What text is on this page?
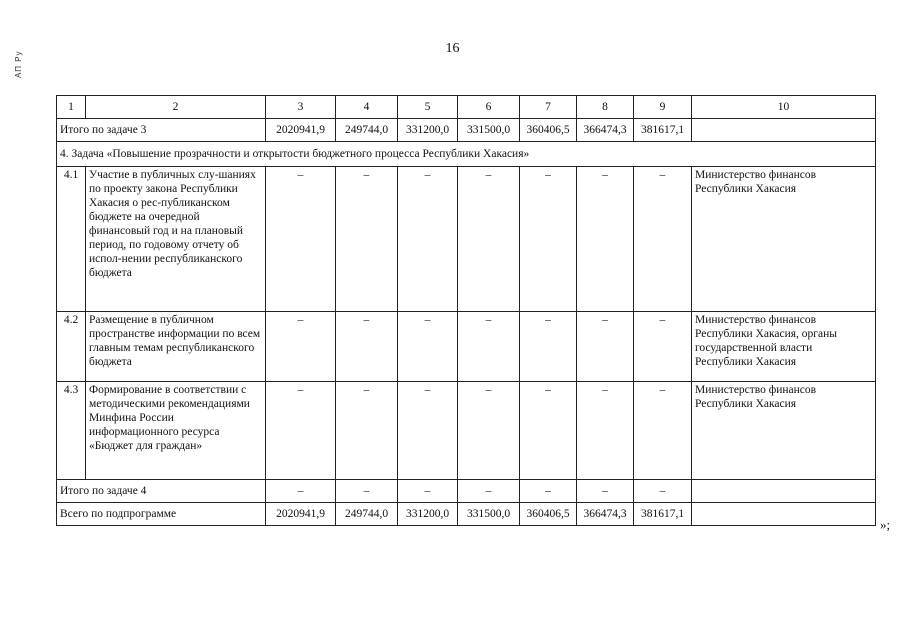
АП Ру
16
1	2	3	4	5	6	7	8	9	10
Итого по задаче 3		2020941,9	249744,0	331200,0	331500,0	360406,5	366474,3	381617,1	
4. Задача «Повышение прозрачности и открытости бюджетного процесса Республики Хакасия»									
4.1	Участие в публичных слу-шаниях по проекту закона Республики Хакасия о рес-публиканском бюджете на очередной финансовый год и на плановый период, по годовому отчету об испол-нении республиканского бюджета	–	–	–	–	–	–	–	Министерство финансов Республики Хакасия
4.2	Размещение в публичном пространстве информации по всем главным темам республиканского бюджета	–	–	–	–	–	–	–	Министерство финансов Республики Хакасия, органы государственной власти Республики Хакасия
4.3	Формирование в соответствии с методическими рекомендациями Минфина России информационного ресурса «Бюджет для граждан»	–	–	–	–	–	–	–	Министерство финансов Республики Хакасия
Итого по задаче 4		–	–	–	–	–	–	–	
Всего по подпрограмме		2020941,9	249744,0	331200,0	331500,0	360406,5	366474,3	381617,1	
»;
